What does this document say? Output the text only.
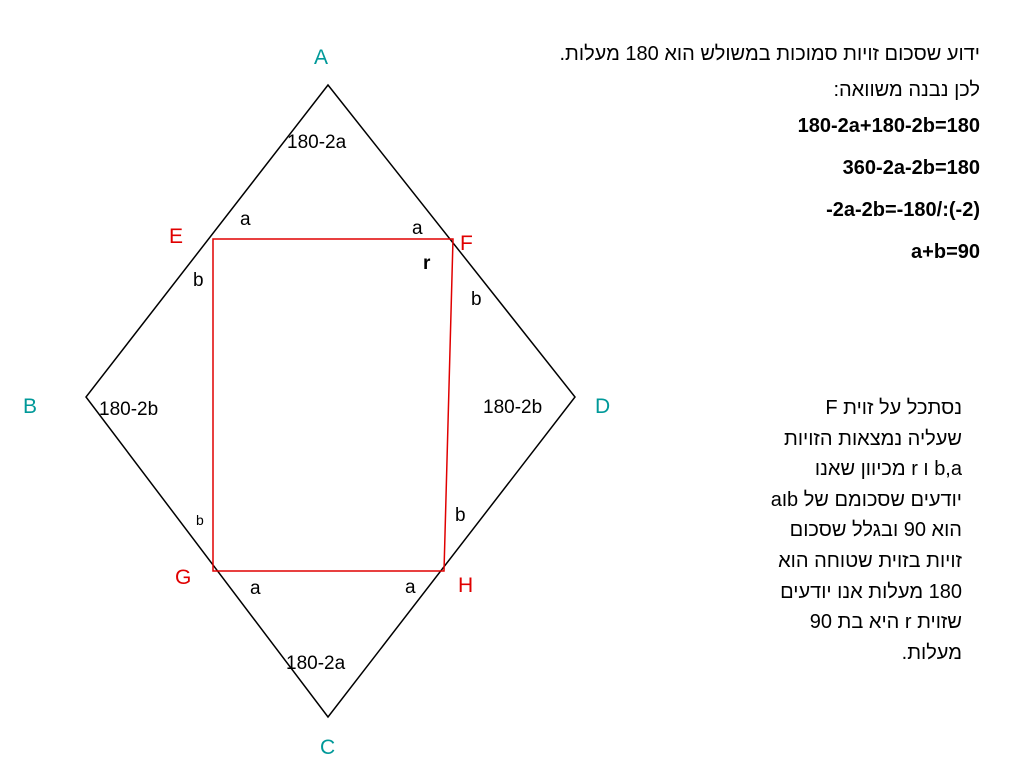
A
B
C
D
E	F
G	H
180-2a
180-2b	180-2b
180-2a
a	a
b
r
b
b	b
a	a

ידוע שסכום זויות סמוכות במשולש הוא 180 מעלות.

לכן נבנה משוואה:

180-2a+180-2b=180

360-2a-2b=180

-2a-2b=-180/:(-2)

a+b=90

נסתכל על זוית F
שעליה נמצאות הזויות
b,a ו r מכיוון שאנו
יודעים שסכומם של bוa
הוא 90 ובגלל שסכום
זויות בזוית שטוחה הוא
180 מעלות אנו יודעים
שזוית r היא בת 90
מעלות.
